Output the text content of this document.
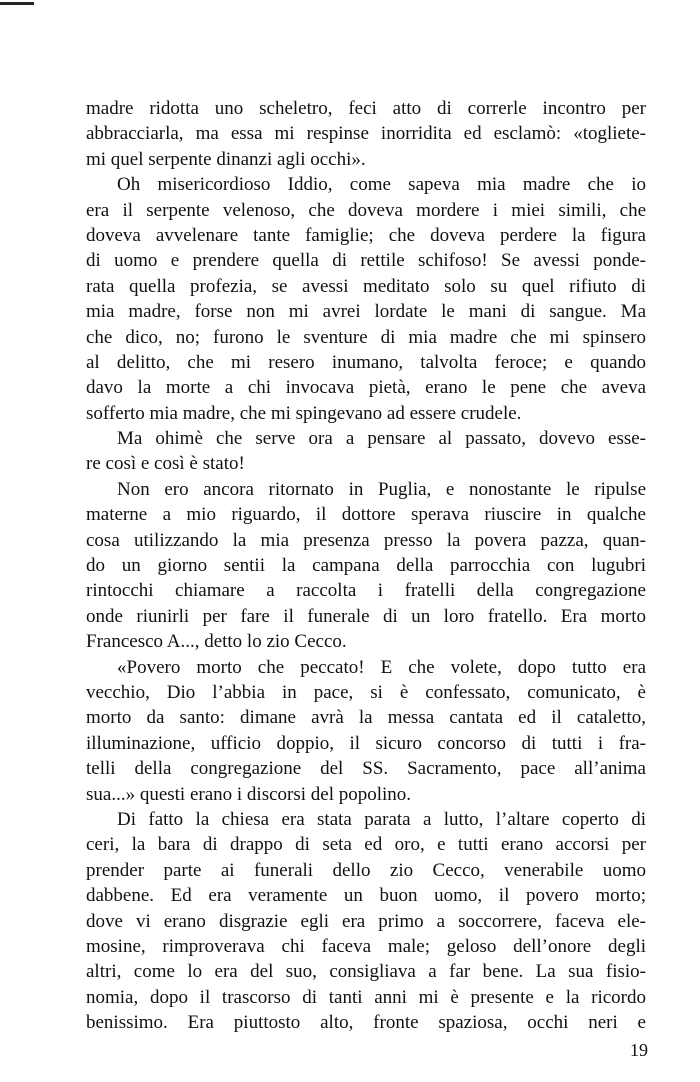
madre ridotta uno scheletro, feci atto di correrle incontro per
abbracciarla, ma essa mi respinse inorridita ed esclamò: «togliete-
mi quel serpente dinanzi agli occhi».
Oh misericordioso Iddio, come sapeva mia madre che io
era il serpente velenoso, che doveva mordere i miei simili, che
doveva avvelenare tante famiglie; che doveva perdere la figura
di uomo e prendere quella di rettile schifoso! Se avessi ponde-
rata quella profezia, se avessi meditato solo su quel rifiuto di
mia madre, forse non mi avrei lordate le mani di sangue. Ma
che dico, no; furono le sventure di mia madre che mi spinsero
al delitto, che mi resero inumano, talvolta feroce; e quando
davo la morte a chi invocava pietà, erano le pene che aveva
sofferto mia madre, che mi spingevano ad essere crudele.
Ma ohimè che serve ora a pensare al passato, dovevo esse-
re così e così è stato!
Non ero ancora ritornato in Puglia, e nonostante le ripulse
materne a mio riguardo, il dottore sperava riuscire in qualche
cosa utilizzando la mia presenza presso la povera pazza, quan-
do un giorno sentii la campana della parrocchia con lugubri
rintocchi chiamare a raccolta i fratelli della congregazione
onde riunirli per fare il funerale di un loro fratello. Era morto
Francesco A..., detto lo zio Cecco.
«Povero morto che peccato! E che volete, dopo tutto era
vecchio, Dio l’abbia in pace, si è confessato, comunicato, è
morto da santo: dimane avrà la messa cantata ed il cataletto,
illuminazione, ufficio doppio, il sicuro concorso di tutti i fra-
telli della congregazione del SS. Sacramento, pace all’anima
sua...» questi erano i discorsi del popolino.
Di fatto la chiesa era stata parata a lutto, l’altare coperto di
ceri, la bara di drappo di seta ed oro, e tutti erano accorsi per
prender parte ai funerali dello zio Cecco, venerabile uomo
dabbene. Ed era veramente un buon uomo, il povero morto;
dove vi erano disgrazie egli era primo a soccorrere, faceva ele-
mosine, rimproverava chi faceva male; geloso dell’onore degli
altri, come lo era del suo, consigliava a far bene. La sua fisio-
nomia, dopo il trascorso di tanti anni mi è presente e la ricordo
benissimo. Era piuttosto alto, fronte spaziosa, occhi neri e
19
